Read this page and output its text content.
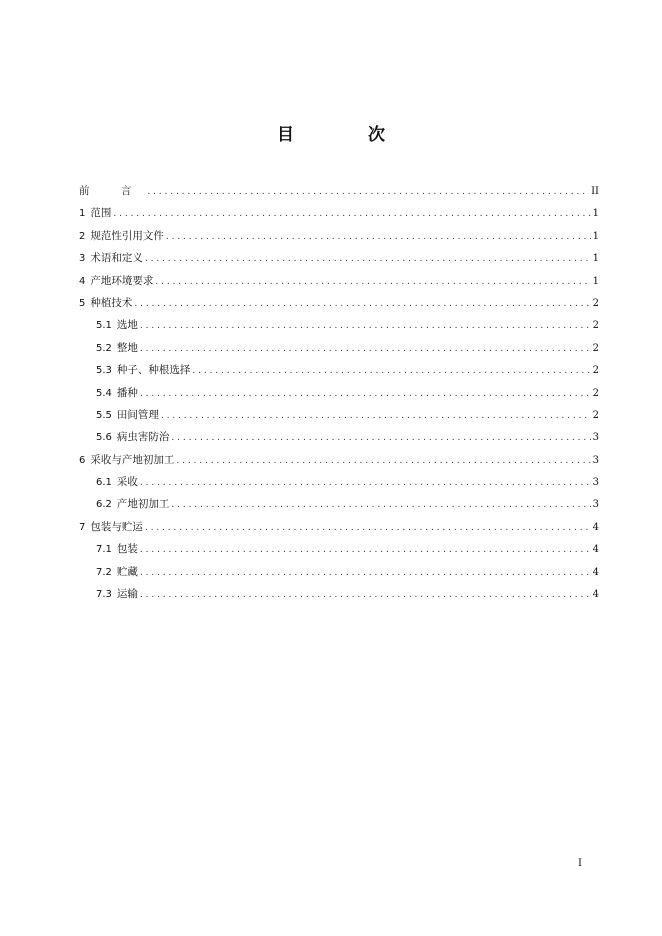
目 次
前 言 . . .	II
1 范围 . . .	1
2 规范性引用文件 . . .	1
3 术语和定义 . . .	1
4 产地环境要求 . . .	1
5 种植技术 . . .	2
5.1 选地 . . .	2
5.2 整地 . . .	2
5.3 种子、种根选择 . . .	2
5.4 播种 . . .	2
5.5 田间管理 . . .	2
5.6 病虫害防治 . . .	3
6 采收与产地初加工 . . .	3
6.1 采收 . . .	3
6.2 产地初加工 . . .	3
7 包装与贮运 . . .	4
7.1 包装 . . .	4
7.2 贮藏 . . .	4
7.3 运输 . . .	4
I
